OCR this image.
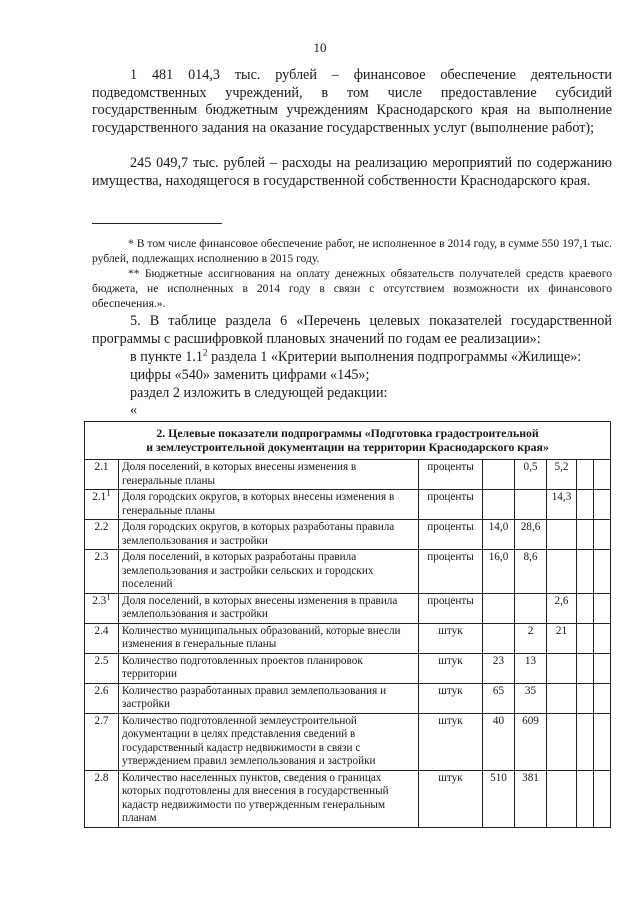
10
1 481 014,3 тыс. рублей – финансовое обеспечение деятельности подведомственных учреждений, в том числе предоставление субсидий государственным бюджетным учреждениям Краснодарского края на выполнение государственного задания на оказание государственных услуг (выполнение работ);
245 049,7 тыс. рублей – расходы на реализацию мероприятий по содержанию имущества, находящегося в государственной собственности Краснодарского края.
* В том числе финансовое обеспечение работ, не исполненное в 2014 году, в сумме 550 197,1 тыс. рублей, подлежащих исполнению в 2015 году.
** Бюджетные ассигнования на оплату денежных обязательств получателей средств краевого бюджета, не исполненных в 2014 году в связи с отсутствием возможности их финансового обеспечения.».
5. В таблице раздела 6 «Перечень целевых показателей государственной программы с расшифровкой плановых значений по годам ее реализации»:
в пункте $1.1^2$ раздела 1 «Критерии выполнения подпрограммы «Жилище»:
цифры «540» заменить цифрами «145»;
раздел 2 изложить в следующей редакции:
«
2. Целевые показатели подпрограммы «Подготовка градостроительной
и землеустроительной документации на территории Краснодарского края»							

2.1	Доля поселений, в которых внесены изменения в генеральные планы	проценты		0,5	5,2		
$2.1^1$	Доля городских округов, в которых внесены изменения в генеральные планы	проценты			14,3		
2.2	Доля городских округов, в которых разработаны правила землепользования и застройки	проценты	14,0	28,6			
2.3	Доля поселений, в которых разработаны правила землепользования и застройки сельских и городских поселений	проценты	16,0	8,6			
$2.3^1$	Доля поселений, в которых внесены изменения в правила землепользования и застройки	проценты			2,6		
2.4	Количество муниципальных образований, которые внесли изменения в генеральные планы	штук		2	21		
2.5	Количество подготовленных проектов планировок территории	штук	23	13			
2.6	Количество разработанных правил землепользования и застройки	штук	65	35			
2.7	Количество подготовленной землеустроительной документации в целях представления сведений в государственный кадастр недвижимости в связи с утверждением правил землепользования и застройки	штук	40	609			
2.8	Количество населенных пунктов, сведения о границах которых подготовлены для внесения в государственный кадастр недвижимости по утвержденным генеральным планам	штук	510	381			
